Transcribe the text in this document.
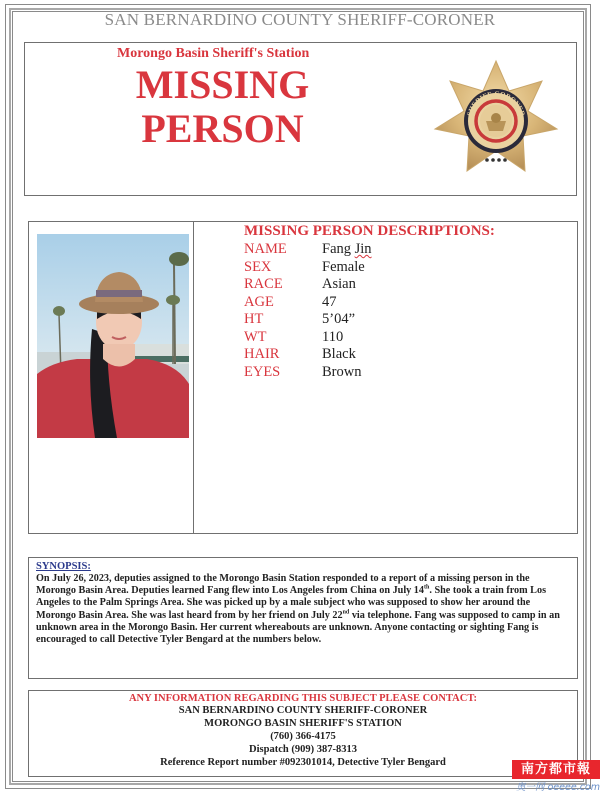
SAN BERNARDINO COUNTY SHERIFF-CORONER
Morongo Basin Sheriff's Station
MISSING
PERSON	SHERIFF-CORONER
MISSING PERSON DESCRIPTIONS:
NAME	Fang Jin
SEX	Female
RACE	Asian
AGE	47
HT	5’04”
WT	110
HAIR	Black
EYES	Brown
SYNOPSIS:
On July 26, 2023, deputies assigned to the Morongo Basin Station responded to a report of a missing person in the Morongo Basin Area. Deputies learned Fang flew into Los Angeles from China on July 14th. She took a train from Los Angeles to the Palm Springs Area. She was picked up by a male subject who was supposed to show her around the Morongo Basin Area. She was last heard from by her friend on July 22nd via telephone. Fang was supposed to camp in an unknown area in the Morongo Basin. Her current whereabouts are unknown. Anyone contacting or sighting Fang is encouraged to call Detective Tyler Bengard at the numbers below.
ANY INFORMATION REGARDING THIS SUBJECT PLEASE CONTACT:
SAN BERNARDINO COUNTY SHERIFF-CORONER
MORONGO BASIN SHERIFF'S STATION
(760) 366-4175
Dispatch (909) 387-8313
Reference Report number #092301014, Detective Tyler Bengard	南方都市報
奥一网 oeeee.com
